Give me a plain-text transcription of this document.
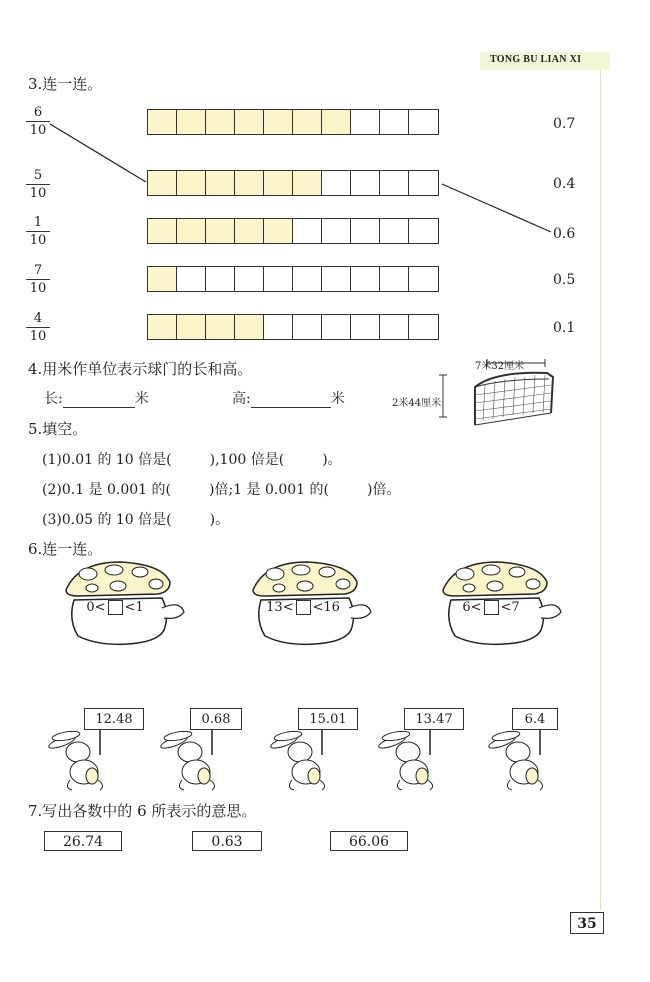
TONG BU LIAN XI
3.连一连。
6
10
5
10
1
10
7
10
4
10
0.7
0.4
0.6
0.5
0.1
4.用米作单位表示球门的长和高。
长:	米	高:	米
7米32厘米
2米44厘米
5.填空。
(1)0.01 的 10 倍是(	),100 倍是(	)。
(2)0.1 是 0.001 的(	)倍;1 是 0.001 的(	)倍。
(3)0.05 的 10 倍是(	)。
6.连一连。
0< <1	13< <16	6< <7
12.48	0.68	15.01	13.47	6.4
7.写出各数中的 6 所表示的意思。
26.74	0.63	66.06
35
